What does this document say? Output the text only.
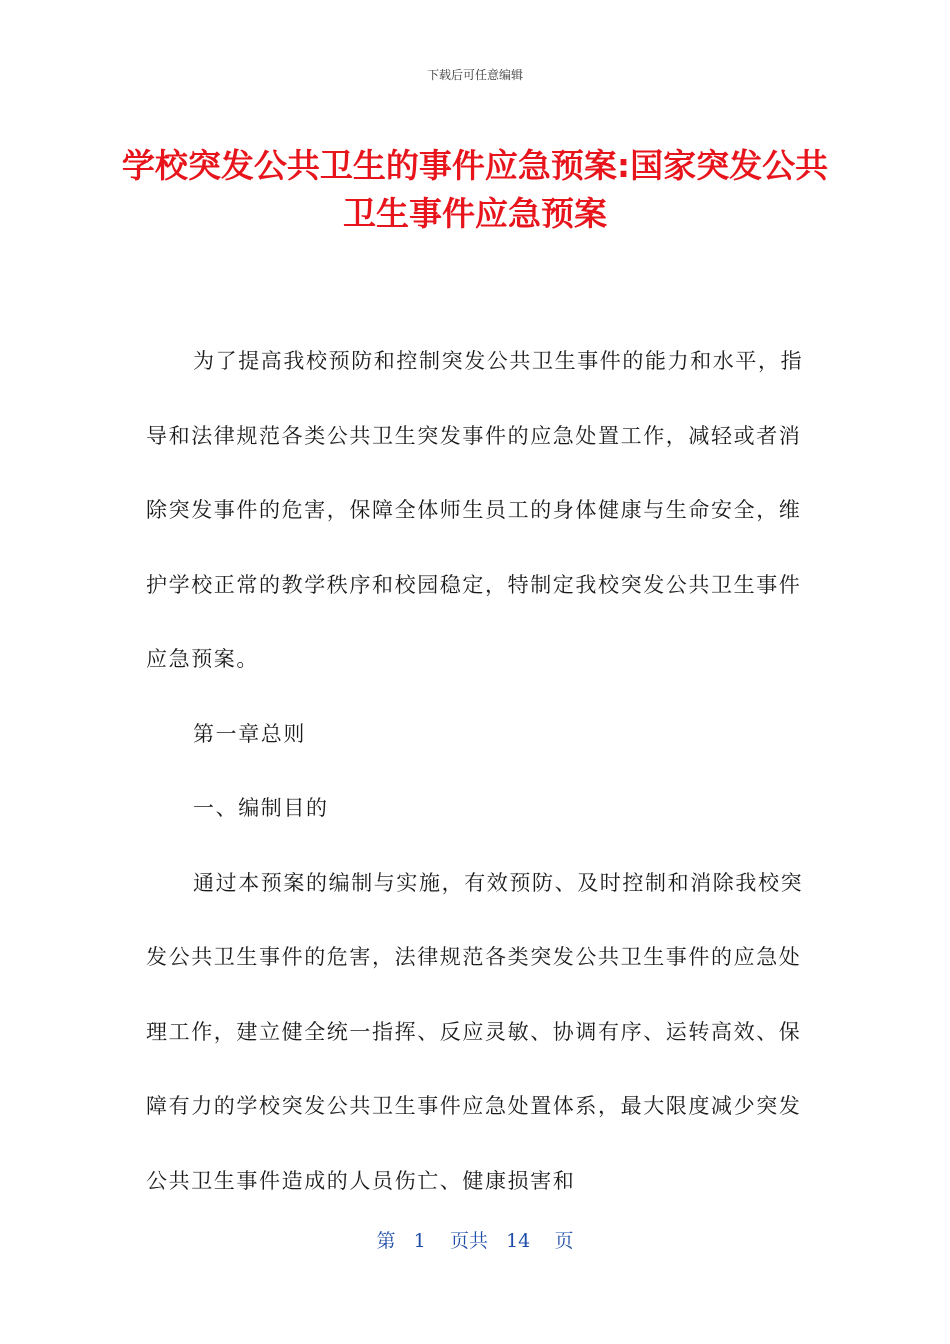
下载后可任意编辑
学校突发公共卫生的事件应急预案:国家突发公共卫生事件应急预案

为了提高我校预防和控制突发公共卫生事件的能力和水平，指导和法律规范各类公共卫生突发事件的应急处置工作，减轻或者消除突发事件的危害，保障全体师生员工的身体健康与生命安全，维护学校正常的教学秩序和校园稳定，特制定我校突发公共卫生事件应急预案。

第一章总则

一、编制目的

通过本预案的编制与实施，有效预防、及时控制和消除我校突发公共卫生事件的危害，法律规范各类突发公共卫生事件的应急处理工作，建立健全统一指挥、反应灵敏、协调有序、运转高效、保障有力的学校突发公共卫生事件应急处置体系，最大限度减少突发公共卫生事件造成的人员伤亡、健康损害和

第 1 页共 14 页
